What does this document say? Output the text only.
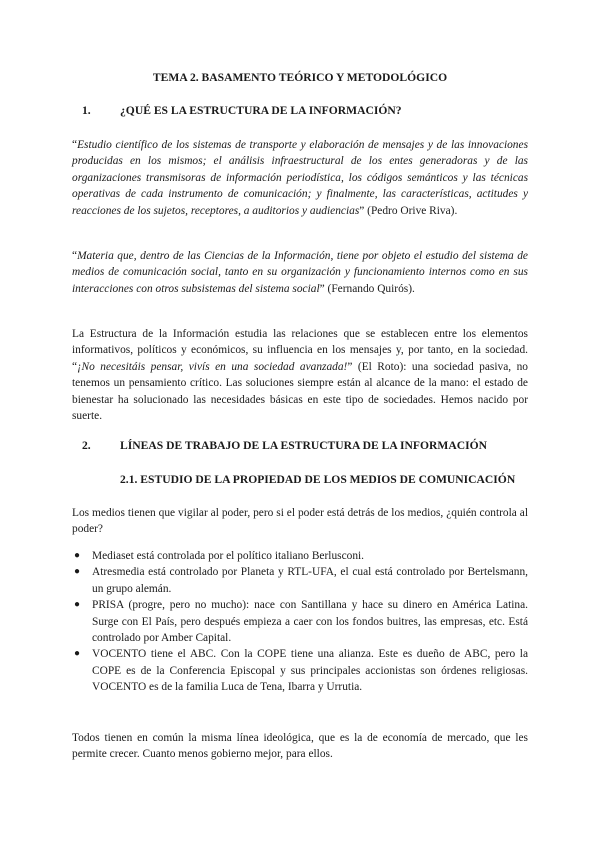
TEMA 2. BASAMENTO TEÓRICO Y METODOLÓGICO
1.	¿QUÉ ES LA ESTRUCTURA DE LA INFORMACIÓN?
“Estudio científico de los sistemas de transporte y elaboración de mensajes y de las innovaciones producidas en los mismos; el análisis infraestructural de los entes generadoras y de las organizaciones transmisoras de información periodística, los códigos semánticos y las técnicas operativas de cada instrumento de comunicación; y finalmente, las características, actitudes y reacciones de los sujetos, receptores, a auditorios y audiencias” (Pedro Orive Riva).
“Materia que, dentro de las Ciencias de la Información, tiene por objeto el estudio del sistema de medios de comunicación social, tanto en su organización y funcionamiento internos como en sus interacciones con otros subsistemas del sistema social” (Fernando Quirós).
La Estructura de la Información estudia las relaciones que se establecen entre los elementos informativos, políticos y económicos, su influencia en los mensajes y, por tanto, en la sociedad. “¡No necesitáis pensar, vivís en una sociedad avanzada!” (El Roto): una sociedad pasiva, no tenemos un pensamiento crítico. Las soluciones siempre están al alcance de la mano: el estado de bienestar ha solucionado las necesidades básicas en este tipo de sociedades. Hemos nacido por suerte.
2.	LÍNEAS DE TRABAJO DE LA ESTRUCTURA DE LA INFORMACIÓN
2.1. ESTUDIO DE LA PROPIEDAD DE LOS MEDIOS DE COMUNICACIÓN
Los medios tienen que vigilar al poder, pero si el poder está detrás de los medios, ¿quién controla al poder?
● Mediaset está controlada por el político italiano Berlusconi.
● Atresmedia está controlado por Planeta y RTL-UFA, el cual está controlado por Bertelsmann, un grupo alemán.
● PRISA (progre, pero no mucho): nace con Santillana y hace su dinero en América Latina. Surge con El País, pero después empieza a caer con los fondos buitres, las empresas, etc. Está controlado por Amber Capital.
● VOCENTO tiene el ABC. Con la COPE tiene una alianza. Este es dueño de ABC, pero la COPE es de la Conferencia Episcopal y sus principales accionistas son órdenes religiosas. VOCENTO es de la familia Luca de Tena, Ibarra y Urrutia.
Todos tienen en común la misma línea ideológica, que es la de economía de mercado, que les permite crecer. Cuanto menos gobierno mejor, para ellos.
